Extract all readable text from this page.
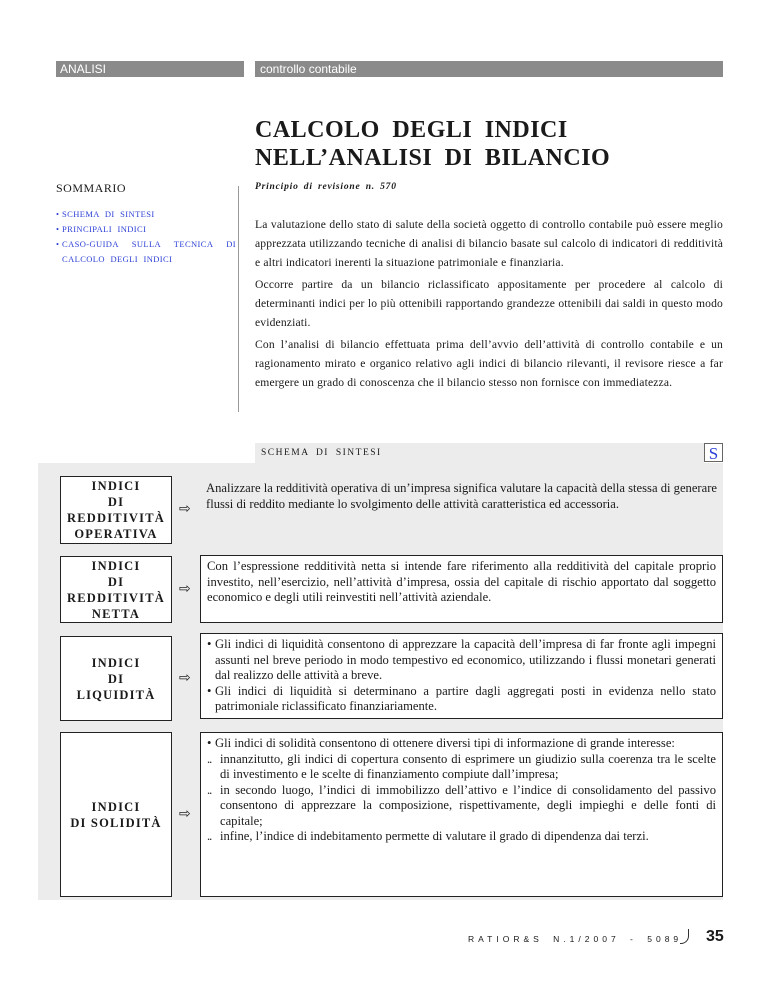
ANALISI	controllo contabile
CALCOLO DEGLI INDICI NELL’ANALISI DI BILANCIO
SOMMARIO
• SCHEMA DI SINTESI
• PRINCIPALI INDICI
• CASO-GUIDA SULLA TECNICA DI CALCOLO DEGLI INDICI
Principio di revisione n. 570

La valutazione dello stato di salute della società oggetto di controllo contabile può essere meglio apprezzata utilizzando tecniche di analisi di bilancio basate sul calcolo di indicatori di redditività e altri indicatori inerenti la situazione patrimoniale e finanziaria.

Occorre partire da un bilancio riclassificato appositamente per procedere al calcolo di determinanti indici per lo più ottenibili rapportando grandezze ottenibili dai saldi in questo modo evidenziati.

Con l’analisi di bilancio effettuata prima dell’avvio dell’attività di controllo contabile e un ragionamento mirato e organico relativo agli indici di bilancio rilevanti, il revisore riesce a far emergere un grado di conoscenza che il bilancio stesso non fornisce con immediatezza.

SCHEMA DI SINTESI	S
INDICI
DI
REDDITIVITÀ
OPERATIVA
⇨

Analizzare la redditività operativa di un’impresa significa valutare la capacità della stessa di generare flussi di reddito mediante lo svolgimento delle attività caratteristica ed accessoria.

INDICI
DI
REDDITIVITÀ
NETTA
⇨

Con l’espressione redditività netta si intende fare riferimento alla redditività del capitale proprio investito, nell’esercizio, nell’attività d’impresa, ossia del capitale di rischio apportato dal soggetto economico e degli utili reinvestiti nell’attività aziendale.

INDICI
DI
LIQUIDITÀ
⇨
• Gli indici di liquidità consentono di apprezzare la capacità dell’impresa di far fronte agli impegni assunti nel breve periodo in modo tempestivo ed economico, utilizzando i flussi monetari generati dal realizzo delle attività a breve.
• Gli indici di liquidità si determinano a partire dagli aggregati posti in evidenza nello stato patrimoniale riclassificato finanziariamente.
INDICI
DI SOLIDITÀ
⇨
• Gli indici di solidità consentono di ottenere diversi tipi di informazione di grande interesse:
.. innanzitutto, gli indici di copertura consento di esprimere un giudizio sulla coerenza tra le scelte di investimento e le scelte di finanziamento compiute dall’impresa;
.. in secondo luogo, l’indici di immobilizzo dell’attivo e l’indice di consolidamento del passivo consentono di apprezzare la composizione, rispettivamente, degli impieghi e delle fonti di capitale;
.. infine, l’indice di indebitamento permette di valutare il grado di dipendenza dai terzi.
RATIOR&S N.1/2007 - 5089 35
